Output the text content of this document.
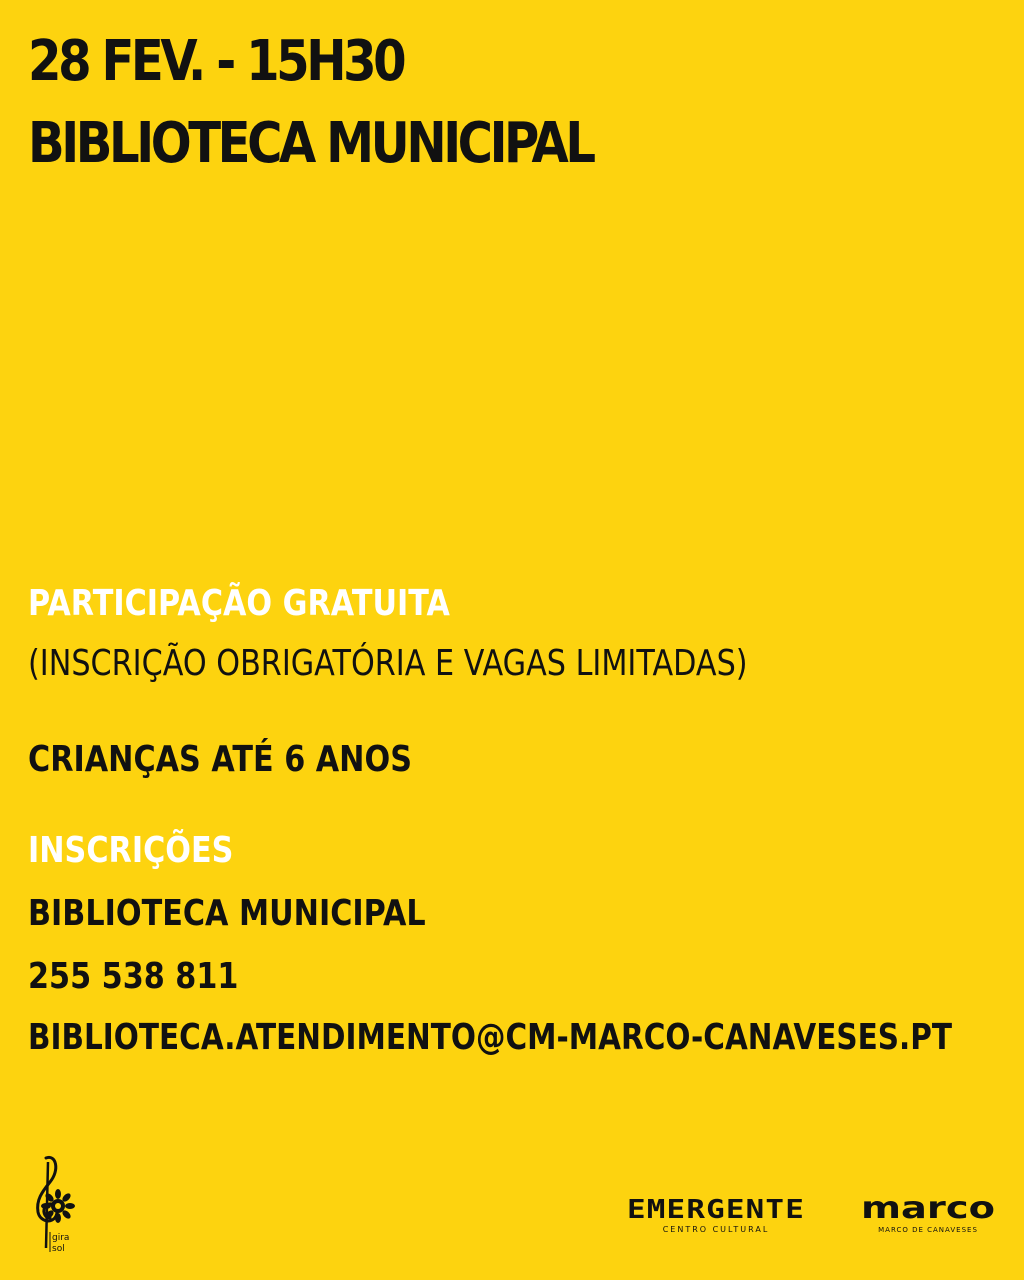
28 FEV. - 15H30
BIBLIOTECA MUNICIPAL
PARTICIPAÇÃO GRATUITA
(INSCRIÇÃO OBRIGATÓRIA E VAGAS LIMITADAS)
CRIANÇAS ATÉ 6 ANOS
INSCRIÇÕES
BIBLIOTECA MUNICIPAL
255 538 811
BIBLIOTECA.ATENDIMENTO@CM-MARCO-CANAVESES.PT
gira
sol
EMERGENTE
CENTRO CULTURAL
marco
MARCO DE CANAVESES
